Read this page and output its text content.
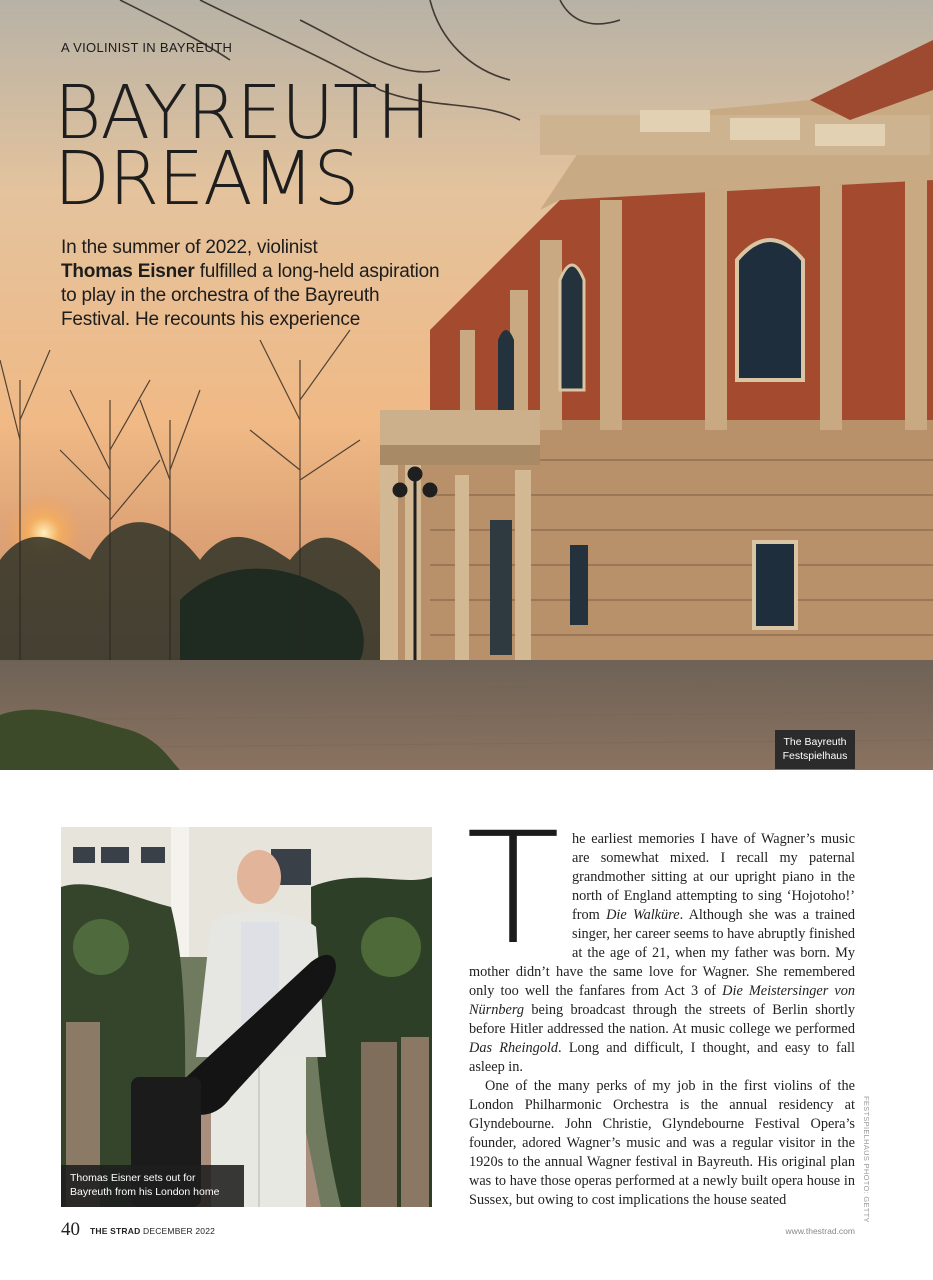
A VIOLINIST IN BAYREUTH
BAYREUTH
DREAMS

In the summer of 2022, violinist
Thomas Eisner fulfilled a long-held aspiration to play in the orchestra of the Bayreuth Festival. He recounts his experience

The Bayreuth Festspielhaus
Thomas Eisner sets out for Bayreuth from his London home
T he earliest memories I have of Wagner’s music are somewhat mixed. I recall my paternal grandmother sitting at our upright piano in the north of England attempting to sing ‘Hojotoho!’ from Die Walküre. Although she was a trained singer, her career seems to have abruptly finished at the age of 21, when my father was born. My mother didn’t have the same love for Wagner. She remembered only too well the fanfares from Act 3 of Die Meistersinger von Nürnberg being broadcast through the streets of Berlin shortly before Hitler addressed the nation. At music college we performed Das Rheingold. Long and difficult, I thought, and easy to fall asleep in.

One of the many perks of my job in the first violins of the London Philharmonic Orchestra is the annual residency at Glyndebourne. John Christie, Glyndebourne Festival Opera’s founder, adored Wagner’s music and was a regular visitor in the 1920s to the annual Wagner festival in Bayreuth. His original plan was to have those operas performed at a newly built opera house in Sussex, but owing to cost implications the house seated	FESTSPIELHAUS PHOTO: GETTY
40 THE STRAD DECEMBER 2022	www.thestrad.com
